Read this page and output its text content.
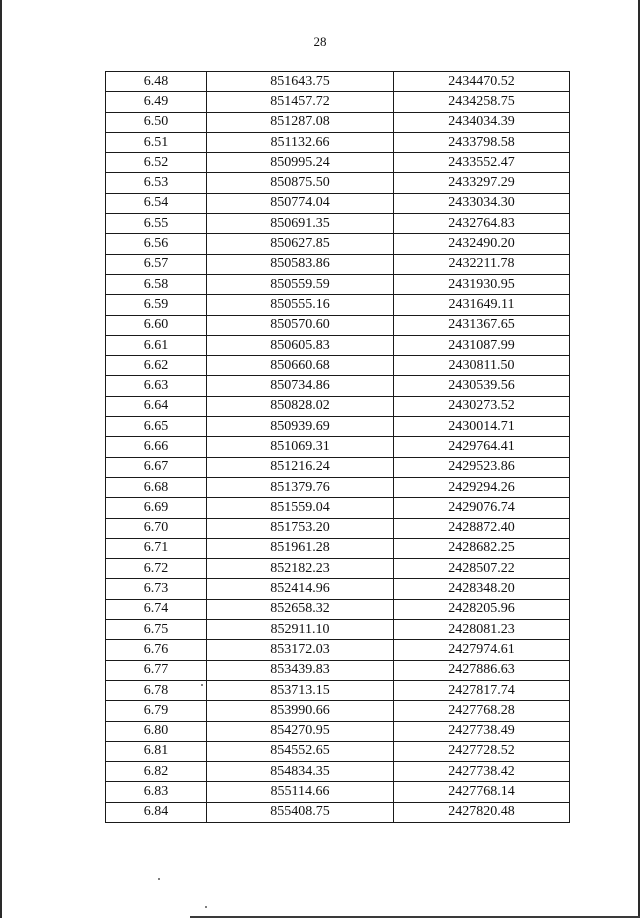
28
6.48	851643.75	2434470.52
6.49	851457.72	2434258.75
6.50	851287.08	2434034.39
6.51	851132.66	2433798.58
6.52	850995.24	2433552.47
6.53	850875.50	2433297.29
6.54	850774.04	2433034.30
6.55	850691.35	2432764.83
6.56	850627.85	2432490.20
6.57	850583.86	2432211.78
6.58	850559.59	2431930.95
6.59	850555.16	2431649.11
6.60	850570.60	2431367.65
6.61	850605.83	2431087.99
6.62	850660.68	2430811.50
6.63	850734.86	2430539.56
6.64	850828.02	2430273.52
6.65	850939.69	2430014.71
6.66	851069.31	2429764.41
6.67	851216.24	2429523.86
6.68	851379.76	2429294.26
6.69	851559.04	2429076.74
6.70	851753.20	2428872.40
6.71	851961.28	2428682.25
6.72	852182.23	2428507.22
6.73	852414.96	2428348.20
6.74	852658.32	2428205.96
6.75	852911.10	2428081.23
6.76	853172.03	2427974.61
6.77	853439.83	2427886.63
6.78	853713.15	2427817.74
6.79	853990.66	2427768.28
6.80	854270.95	2427738.49
6.81	854552.65	2427728.52
6.82	854834.35	2427738.42
6.83	855114.66	2427768.14
6.84	855408.75	2427820.48
